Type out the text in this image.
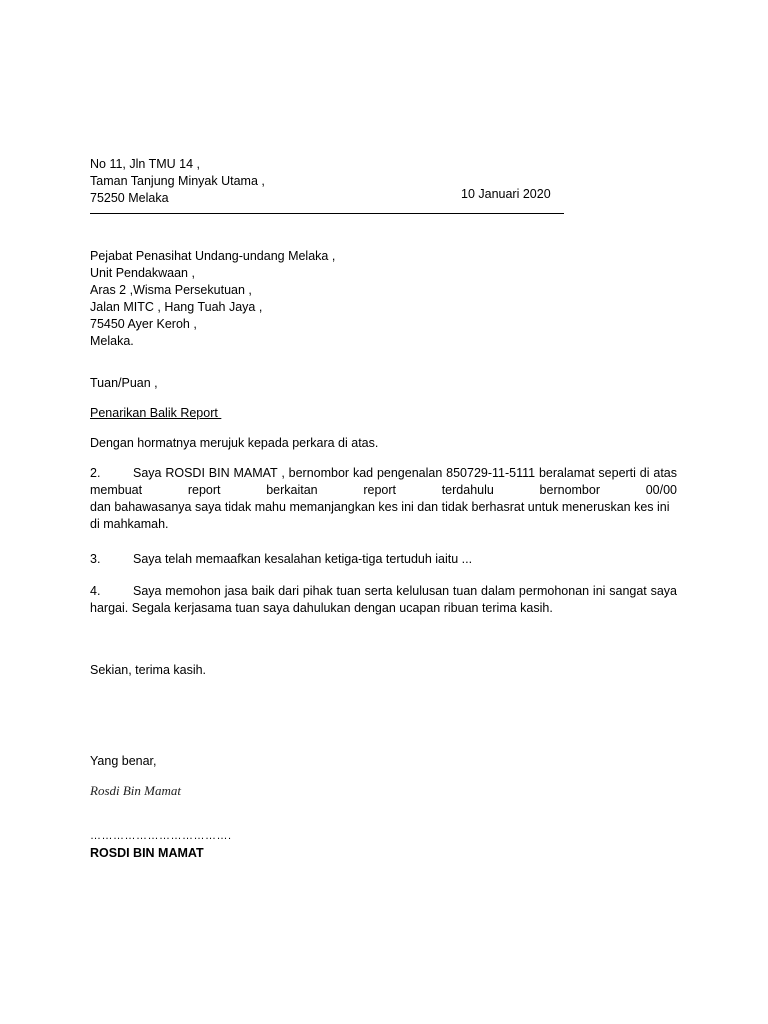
No 11, Jln TMU 14 ,
Taman Tanjung Minyak Utama ,
75250 Melaka	10 Januari 2020
Pejabat Penasihat Undang-undang Melaka ,
Unit Pendakwaan ,
Aras 2 ,Wisma Persekutuan ,
Jalan MITC , Hang Tuah Jaya ,
75450 Ayer Keroh ,
Melaka.
Tuan/Puan ,
Penarikan Balik Report
Dengan hormatnya merujuk kepada perkara di atas.
2.	Saya ROSDI BIN MAMAT , bernombor kad pengenalan 850729-11-5111 beralamat seperti di atas
membuat report berkaitan report terdahulu bernombor 00/00
dan bahawasanya saya tidak mahu memanjangkan kes ini dan tidak berhasrat untuk meneruskan kes ini
di mahkamah.
3.	Saya telah memaafkan kesalahan ketiga-tiga tertuduh iaitu ...
4.	Saya memohon jasa baik dari pihak tuan serta kelulusan tuan dalam permohonan ini sangat saya
hargai. Segala kerjasama tuan saya dahulukan dengan ucapan ribuan terima kasih.
Sekian, terima kasih.
Yang benar,
Rosdi Bin Mamat
……………………………….
ROSDI BIN MAMAT
